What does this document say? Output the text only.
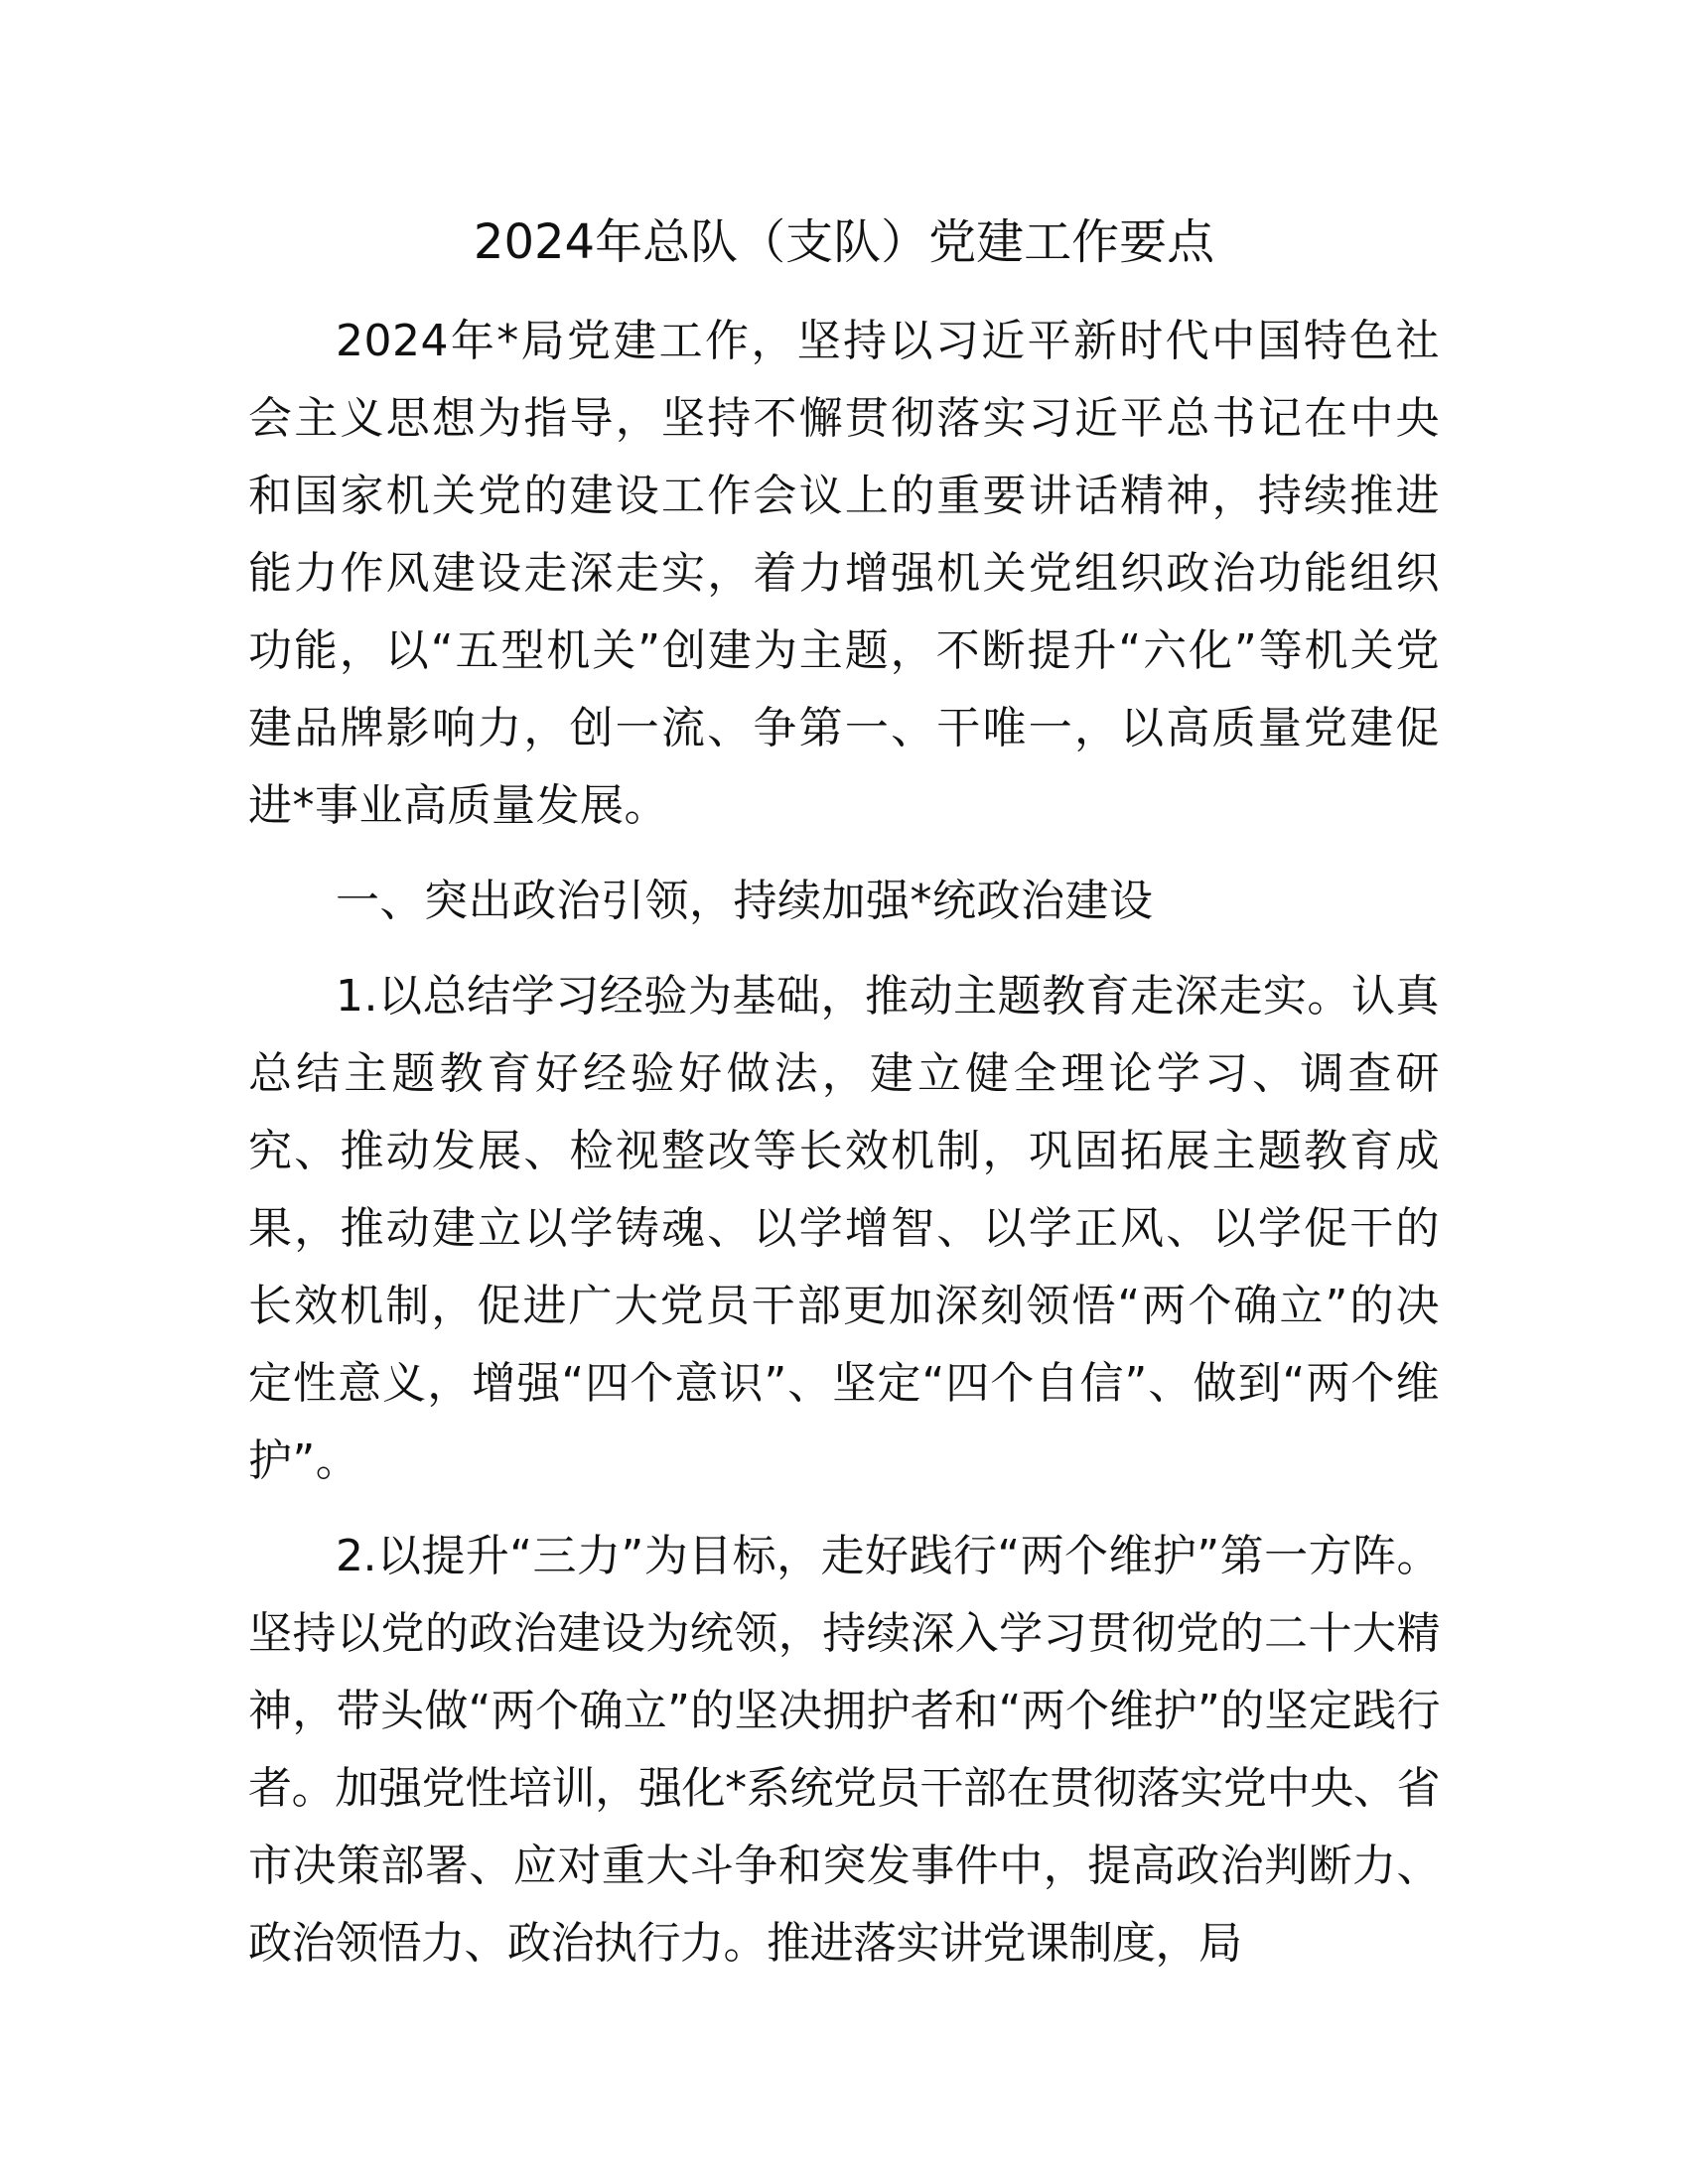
2024年总队（支队）党建工作要点

2024年*局党建工作，坚持以习近平新时代中国特色社会主义思想为指导，坚持不懈贯彻落实习近平总书记在中央和国家机关党的建设工作会议上的重要讲话精神，持续推进能力作风建设走深走实，着力增强机关党组织政治功能组织功能，以“五型机关”创建为主题，不断提升“六化”等机关党建品牌影响力，创一流、争第一、干唯一，以高质量党建促进*事业高质量发展。

一、突出政治引领，持续加强*统政治建设

1.以总结学习经验为基础，推动主题教育走深走实。认真总结主题教育好经验好做法，建立健全理论学习、调查研究、推动发展、检视整改等长效机制，巩固拓展主题教育成果，推动建立以学铸魂、以学增智、以学正风、以学促干的长效机制，促进广大党员干部更加深刻领悟“两个确立”的决定性意义，增强“四个意识”、坚定“四个自信”、做到“两个维护”。

2.以提升“三力”为目标，走好践行“两个维护”第一方阵。坚持以党的政治建设为统领，持续深入学习贯彻党的二十大精神，带头做“两个确立”的坚决拥护者和“两个维护”的坚定践行者。加强党性培训，强化*系统党员干部在贯彻落实党中央、省市决策部署、应对重大斗争和突发事件中，提高政治判断力、政治领悟力、政治执行力。推进落实讲党课制度，局
